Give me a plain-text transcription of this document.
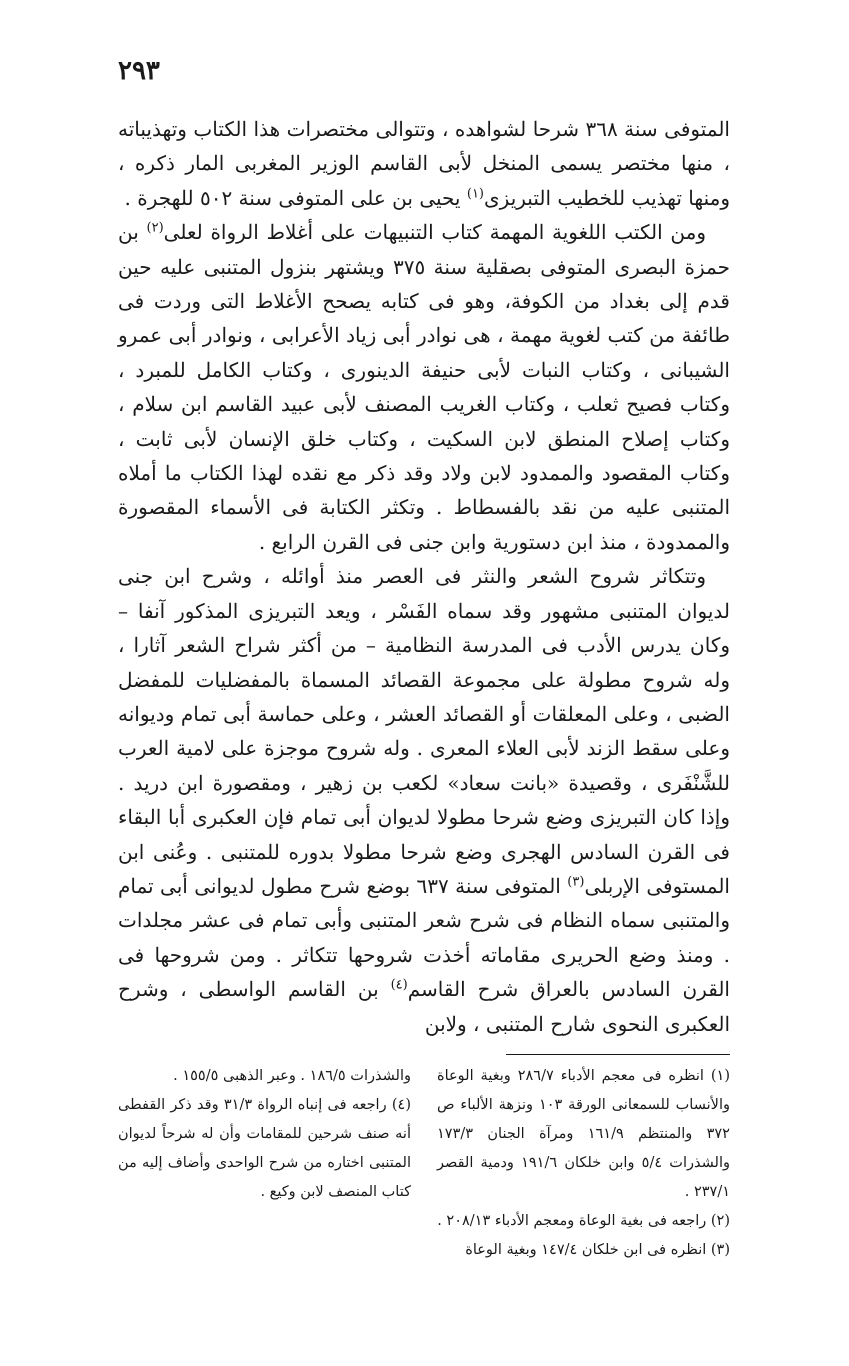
٢٩٣

المتوفى سنة ٣٦٨ شرحا لشواهده ، وتتوالى مختصرات هذا الكتاب وتهذيباته ، منها مختصر يسمى المنخل لأبى القاسم الوزير المغربى المار ذكره ، ومنها تهذيب للخطيب التبريزى$^{(١)}$ يحيى بن على المتوفى سنة ٥٠٢ للهجرة .

ومن الكتب اللغوية المهمة كتاب التنبيهات على أغلاط الرواة لعلى$^{(٢)}$ بن حمزة البصرى المتوفى بصقلية سنة ٣٧٥ ويشتهر بنزول المتنبى عليه حين قدم إلى بغداد من الكوفة، وهو فى كتابه يصحح الأغلاط التى وردت فى طائفة من كتب لغوية مهمة ، هى نوادر أبى زياد الأعرابى ، ونوادر أبى عمرو الشيبانى ، وكتاب النبات لأبى حنيفة الدينورى ، وكتاب الكامل للمبرد ، وكتاب فصيح ثعلب ، وكتاب الغريب المصنف لأبى عبيد القاسم ابن سلام ، وكتاب إصلاح المنطق لابن السكيت ، وكتاب خلق الإنسان لأبى ثابت ، وكتاب المقصود والممدود لابن ولاد وقد ذكر مع نقده لهذا الكتاب ما أملاه المتنبى عليه من نقد بالفسطاط . وتكثر الكتابة فى الأسماء المقصورة والممدودة ، منذ ابن دستورية وابن جنى فى القرن الرابع .

وتتكاثر شروح الشعر والنثر فى العصر منذ أوائله ، وشرح ابن جنى لديوان المتنبى مشهور وقد سماه الفَسْر ، ويعد التبريزى المذكور آنفا – وكان يدرس الأدب فى المدرسة النظامية – من أكثر شراح الشعر آثارا ، وله شروح مطولة على مجموعة القصائد المسماة بالمفضليات للمفضل الضبى ، وعلى المعلقات أو القصائد العشر ، وعلى حماسة أبى تمام وديوانه وعلى سقط الزند لأبى العلاء المعرى . وله شروح موجزة على لامية العرب للشَّنْفَرى ، وقصيدة «بانت سعاد» لكعب بن زهير ، ومقصورة ابن دريد . وإذا كان التبريزى وضع شرحا مطولا لديوان أبى تمام فإن العكبرى أبا البقاء فى القرن السادس الهجرى وضع شرحا مطولا بدوره للمتنبى . وعُنى ابن المستوفى الإربلى$^{(٣)}$ المتوفى سنة ٦٣٧ بوضع شرح مطول لديوانى أبى تمام والمتنبى سماه النظام فى شرح شعر المتنبى وأبى تمام فى عشر مجلدات . ومنذ وضع الحريرى مقاماته أخذت شروحها تتكاثر . ومن شروحها فى القرن السادس بالعراق شرح القاسم$^{(٤)}$ بن القاسم الواسطى ، وشرح العكبرى النحوى شارح المتنبى ، ولابن

(١) انظره فى معجم الأدباء ٢٨٦/٧ وبغية الوعاة والأنساب للسمعانى الورقة ١٠٣ ونزهة الألباء ص ٣٧٢ والمنتظم ١٦١/٩ ومرآة الجنان ١٧٣/٣ والشذرات ٥/٤ وابن خلكان ١٩١/٦ ودمية القصر ٢٣٧/١ .

(٢) راجعه فى بغية الوعاة ومعجم الأدباء ٢٠٨/١٣ .

(٣) انظره فى ابن خلكان ١٤٧/٤ وبغية الوعاة

والشذرات ١٨٦/٥ . وعبر الذهبى ١٥٥/٥ .

(٤) راجعه فى إنباه الرواة ٣١/٣ وقد ذكر القفطى أنه صنف شرحين للمقامات وأن له شرحاً لديوان المتنبى اختاره من شرح الواحدى وأضاف إليه من كتاب المنصف لابن وكيع .
